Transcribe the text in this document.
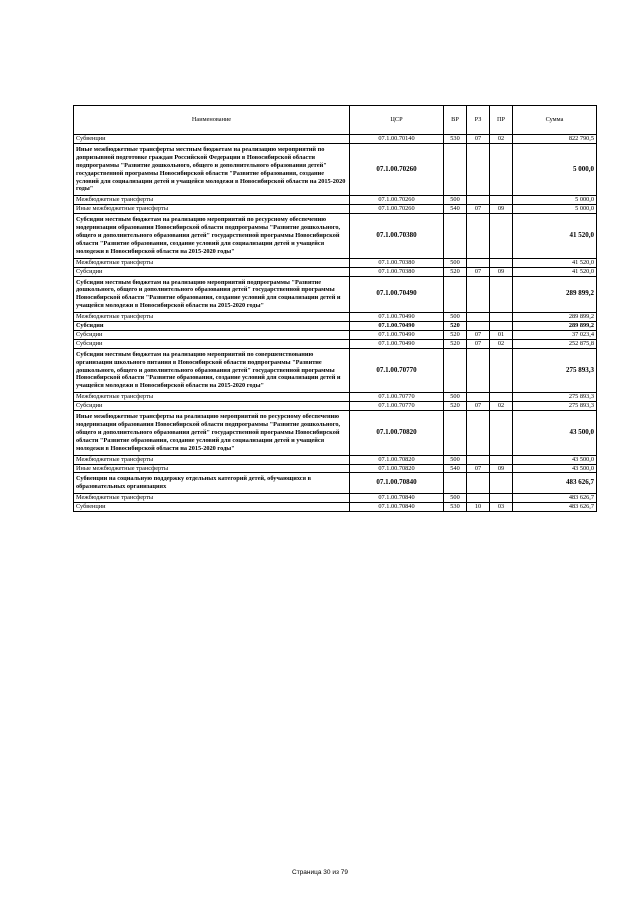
Наименование	ЦСР	ВР	РЗ	ПР	Сумма
Субвенции	07.1.00.70140	530	07	02	822 790,5
Иные межбюджетные трансферты местным бюджетам на реализацию мероприятий по допризывной подготовке граждан Российской Федерации в Новосибирской области подпрограммы "Развитие дошкольного, общего и дополнительного образования детей" государственной программы Новосибирской области "Развитие образования, создание условий для социализации детей и учащейся молодежи в Новосибирской области на 2015-2020 годы"	07.1.00.70260				5 000,0
Межбюджетные трансферты	07.1.00.70260	500			5 000,0
Иные межбюджетные трансферты	07.1.00.70260	540	07	09	5 000,0
Субсидии местным бюджетам на реализацию мероприятий по ресурсному обеспечению модернизации образования Новосибирской области подпрограммы "Развитие дошкольного, общего и дополнительного образования детей" государственной программы Новосибирской области "Развитие образования, создание условий для социализации детей и учащейся молодежи в Новосибирской области на 2015-2020 годы"	07.1.00.70380				41 520,0
Межбюджетные трансферты	07.1.00.70380	500			41 520,0
Субсидии	07.1.00.70380	520	07	09	41 520,0
Субсидии местным бюджетам на реализацию мероприятий подпрограммы "Развитие дошкольного, общего и дополнительного образования детей" государственной программы Новосибирской области "Развитие образования, создание условий для социализации детей и учащейся молодежи в Новосибирской области на 2015-2020 годы"	07.1.00.70490				289 899,2
Межбюджетные трансферты	07.1.00.70490	500			289 899,2
Субсидии	07.1.00.70490	520			289 899,2
Субсидии	07.1.00.70490	520	07	01	37 023,4
Субсидии	07.1.00.70490	520	07	02	252 875,8
Субсидии местным бюджетам на реализацию мероприятий по совершенствованию организации школьного питания в Новосибирской области подпрограммы "Развитие дошкольного, общего и дополнительного образования детей" государственной программы Новосибирской области "Развитие образования, создание условий для социализации детей и учащейся молодежи в Новосибирской области на 2015-2020 годы"	07.1.00.70770				275 893,3
Межбюджетные трансферты	07.1.00.70770	500			275 893,3
Субсидии	07.1.00.70770	520	07	02	275 893,3
Иные межбюджетные трансферты на реализацию мероприятий по ресурсному обеспечению модернизации образования Новосибирской области подпрограммы "Развитие дошкольного, общего и дополнительного образования детей" государственной программы Новосибирской области "Развитие образования, создание условий для социализации детей и учащейся молодежи в Новосибирской области на 2015-2020 годы"	07.1.00.70820				43 500,0
Межбюджетные трансферты	07.1.00.70820	500			43 500,0
Иные межбюджетные трансферты	07.1.00.70820	540	07	09	43 500,0
Субвенции на социальную поддержку отдельных категорий детей, обучающихся в образовательных организациях	07.1.00.70840				483 626,7
Межбюджетные трансферты	07.1.00.70840	500			483 626,7
Субвенции	07.1.00.70840	530	10	03	483 626,7
Страница 30 из 79
